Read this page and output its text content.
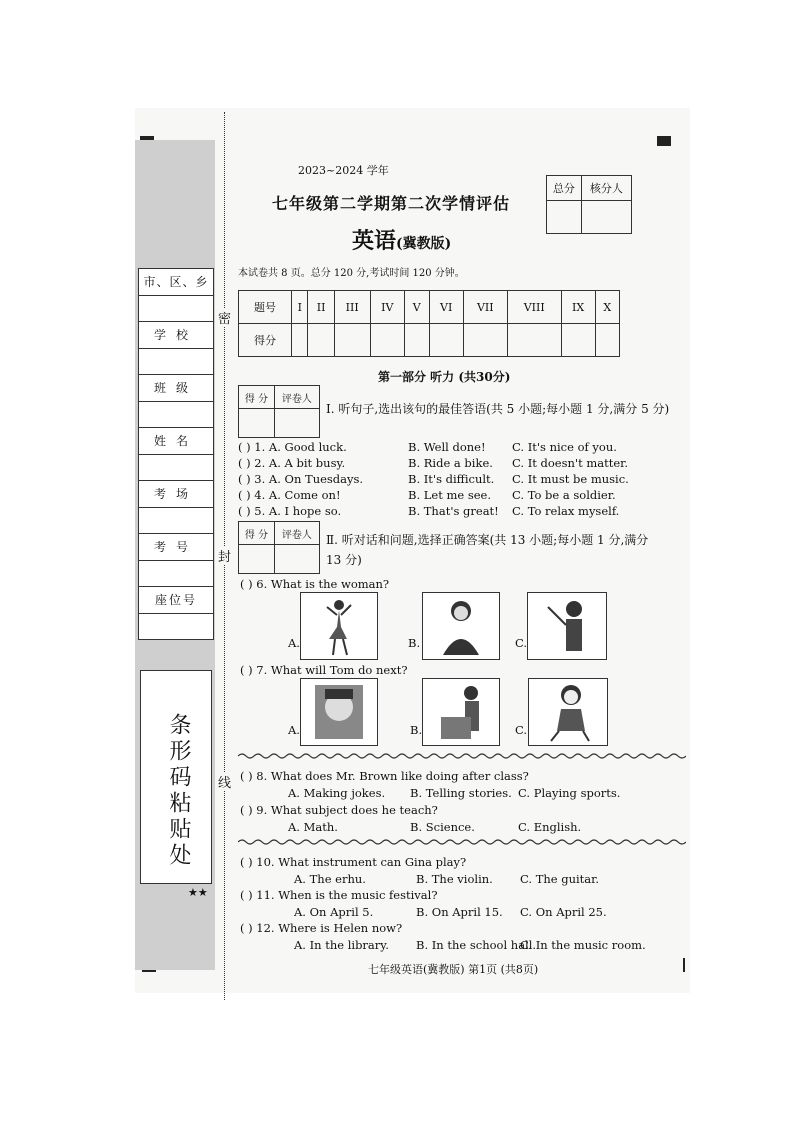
市、区、乡
学校
班级
姓名
考场
考号
座位号
条形码粘贴处
★★
密
封
线
2023~2024 学年
七年级第二学期第二次学情评估
英语(冀教版)
本试卷共 8 页。总分 120 分,考试时间 120 分钟。
总分	核分人

题号	I	II	III	IV	V	VI	VII	VIII	IX	X
得分										
第一部分 听力 (共30分)
得 分	评卷人

Ⅰ. 听句子,选出该句的最佳答语(共 5 小题;每小题 1 分,满分 5 分)
( ) 1. A. Good luck.	B. Well done! C. It's nice of you.
( ) 2. A. A bit busy.	B. Ride a bike. C. It doesn't matter.
( ) 3. A. On Tuesdays.	B. It's difficult. C. It must be music.
( ) 4. A. Come on!	B. Let me see. C. To be a soldier.
( ) 5. A. I hope so.	B. That's great! C. To relax myself.
得 分	评卷人
	Ⅱ. 听对话和问题,选择正确答案(共 13 小题;每小题 1 分,满分
13 分)
( ) 6. What is the woman?
A.	B.	C.
( ) 7. What will Tom do next?
A.	B.	C.
( ) 8. What does Mr. Brown like doing after class?
A. Making jokes. B. Telling stories. C. Playing sports.
( ) 9. What subject does he teach?
A. Math.	B. Science.	C. English.
( ) 10. What instrument can Gina play?
A. The erhu.	B. The violin. C. The guitar.
( ) 11. When is the music festival?
A. On April 5.	B. On April 15. C. On April 25.
( ) 12. Where is Helen now?
A. In the library. B. In the school hall.
C. In the music room.
七年级英语(冀教版) 第1页 (共8页)
